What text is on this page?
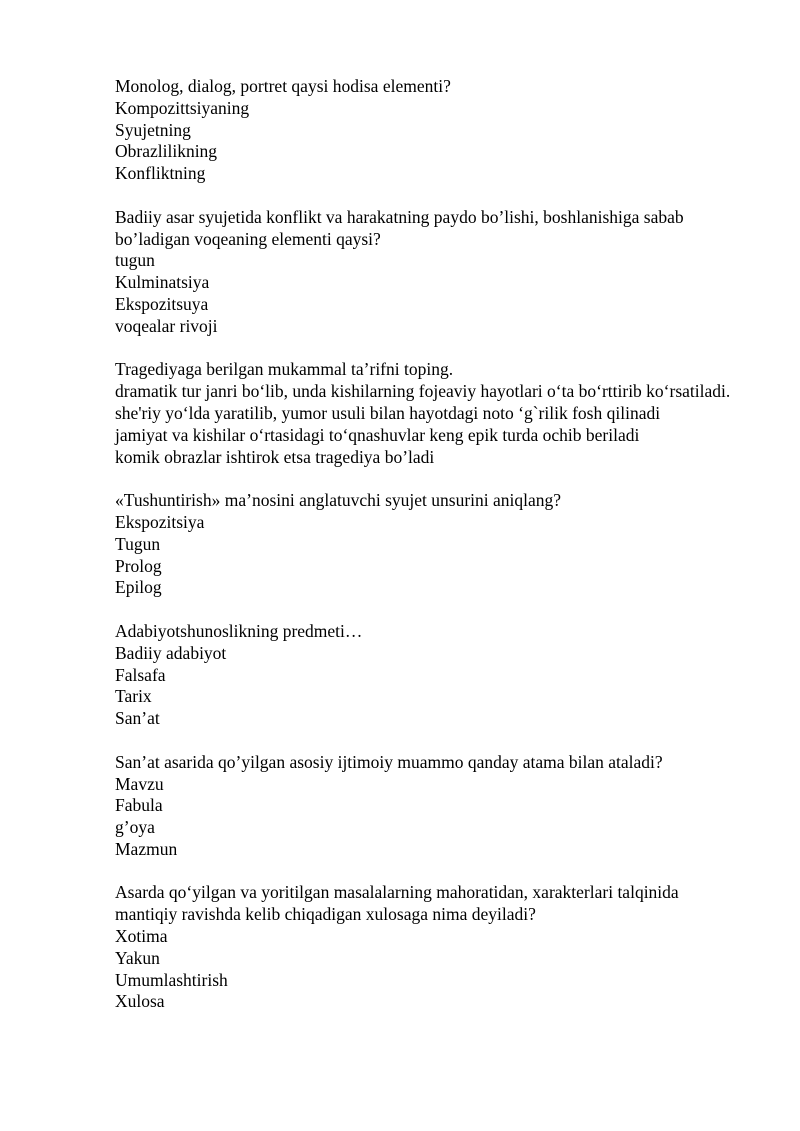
Monolog, dialog, portret qaysi hodisa elementi?
Kompozittsiyaning
Syujetning
Obrazlilikning
Konfliktning
Badiiy asar syujetida konflikt va harakatning paydo bo’lishi, boshlanishiga sabab bo’ladigan voqeaning elementi qaysi?
tugun
Kulminatsiya
Ekspozitsuya
voqealar rivoji
Tragediyaga berilgan mukammal ta’rifni toping.
dramatik tur janri bo‘lib, unda kishilarning fojeaviy hayotlari o‘ta bo‘rttirib ko‘rsatiladi.
she'riy yo‘lda yaratilib, yumor usuli bilan hayotdagi noto ‘g`rilik fosh qilinadi
jamiyat va kishilar o‘rtasidagi to‘qnashuvlar keng epik turda ochib beriladi
komik obrazlar ishtirok etsa tragediya bo’ladi
«Tushuntirish» ma’nosini anglatuvchi syujet unsurini aniqlang?
Ekspozitsiya
Tugun
Prolog
Epilog
Adabiyotshunoslikning predmeti…
Badiiy adabiyot
Falsafa
Tarix
San’at
San’at asarida qo’yilgan asosiy ijtimoiy muammo qanday atama bilan ataladi?
Mavzu
Fabula
g’oya
Mazmun
Asarda qo‘yilgan va yoritilgan masalalarning mahoratidan, xarakterlari talqinida mantiqiy ravishda kelib chiqadigan xulosaga nima deyiladi?
Xotima
Yakun
Umumlashtirish
Xulosa
